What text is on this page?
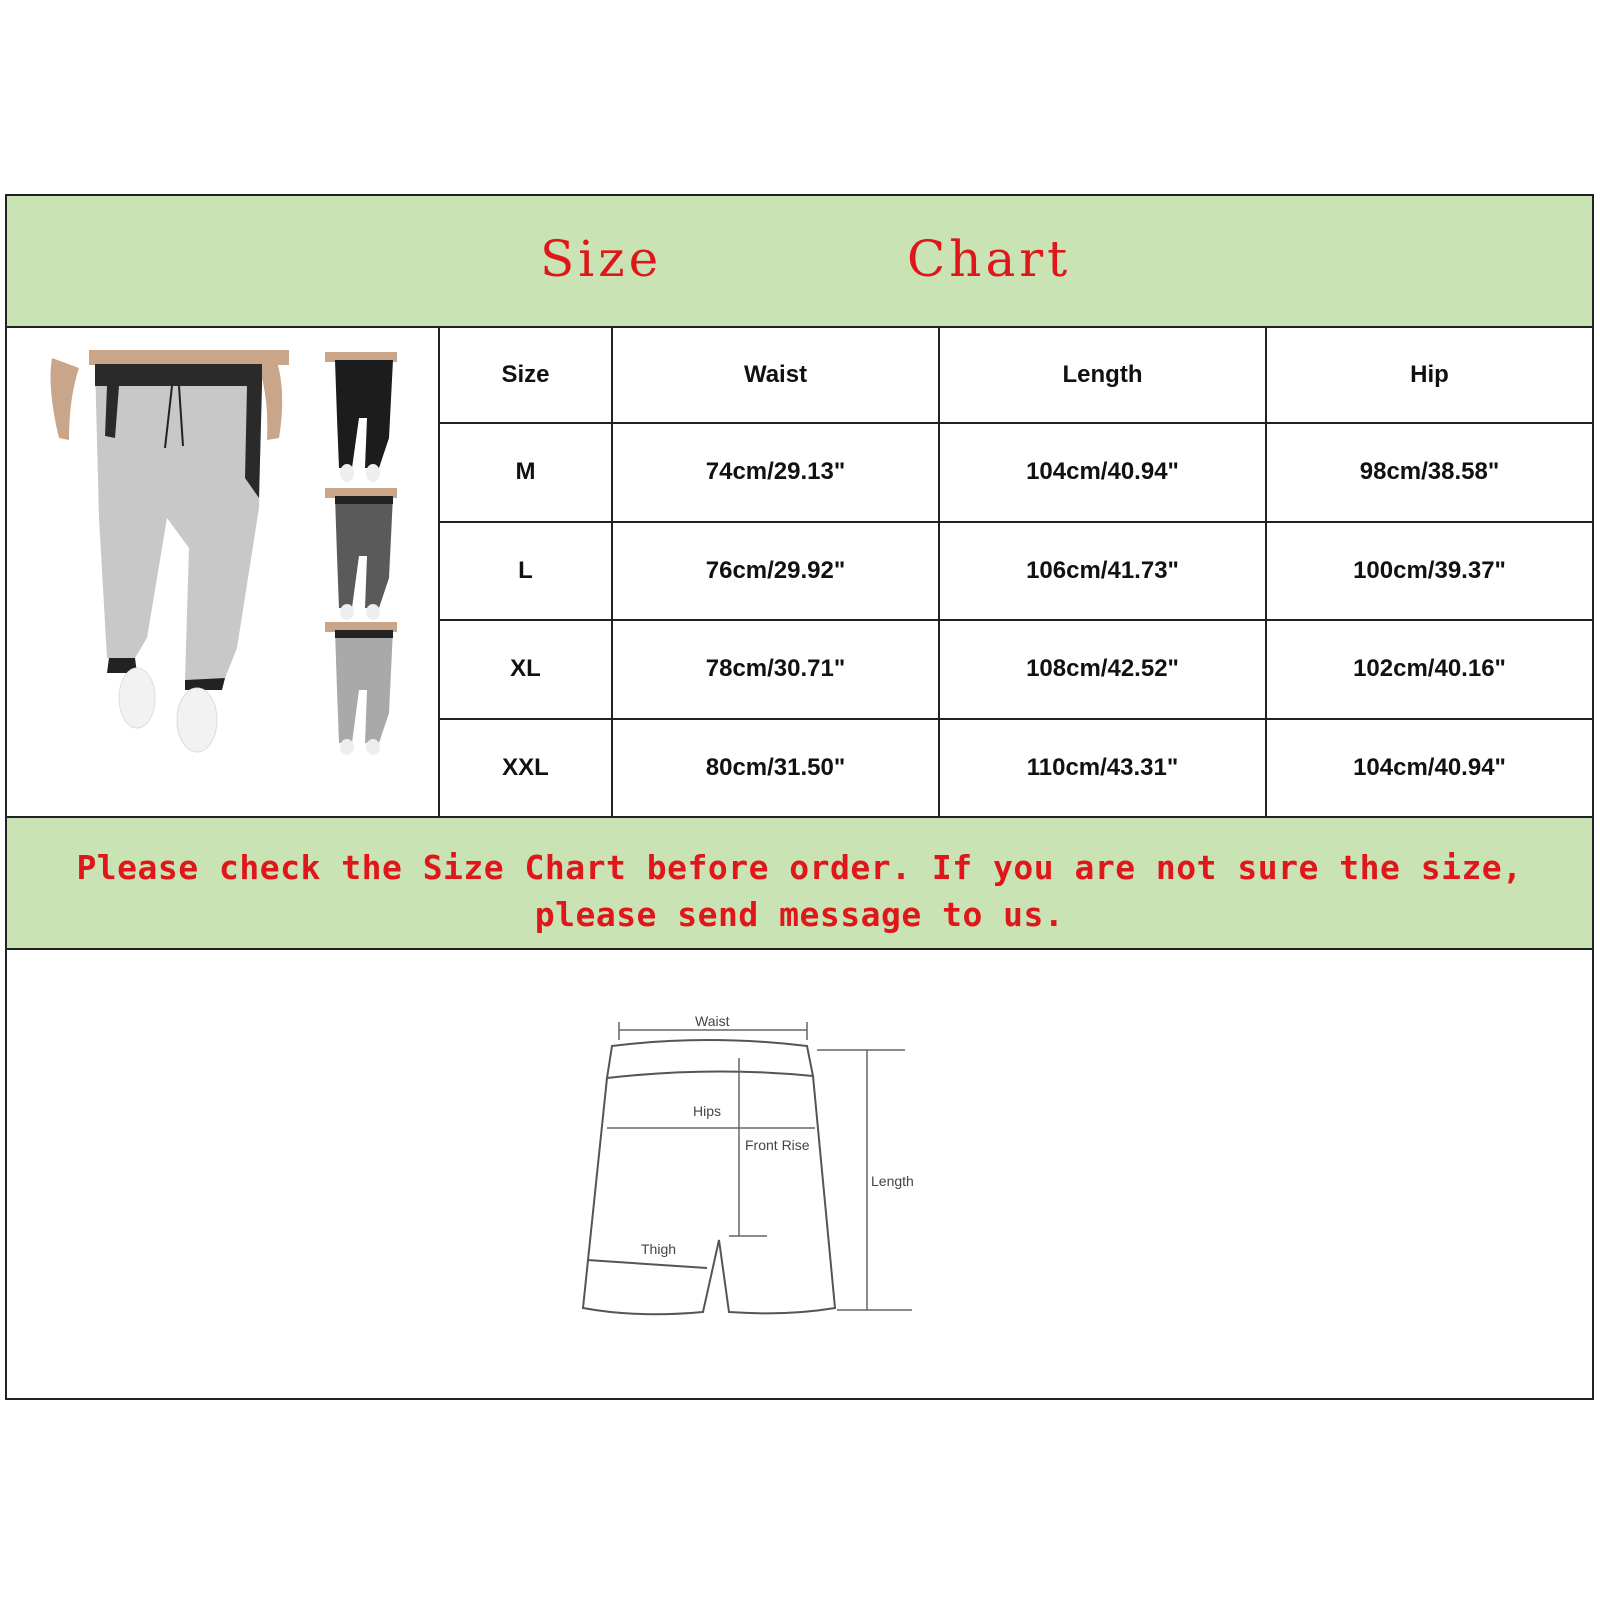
Size	Chart
Size	Waist	Length	Hip
M	74cm/29.13"	104cm/40.94"	98cm/38.58"
L	76cm/29.92"	106cm/41.73"	100cm/39.37"
XL	78cm/30.71"	108cm/42.52"	102cm/40.16"
XXL	80cm/31.50"	110cm/43.31"	104cm/40.94"
Please check the Size Chart before order. If you are not sure the size,
please send message to us.
Waist
Hips
Front Rise
Length
Thigh
